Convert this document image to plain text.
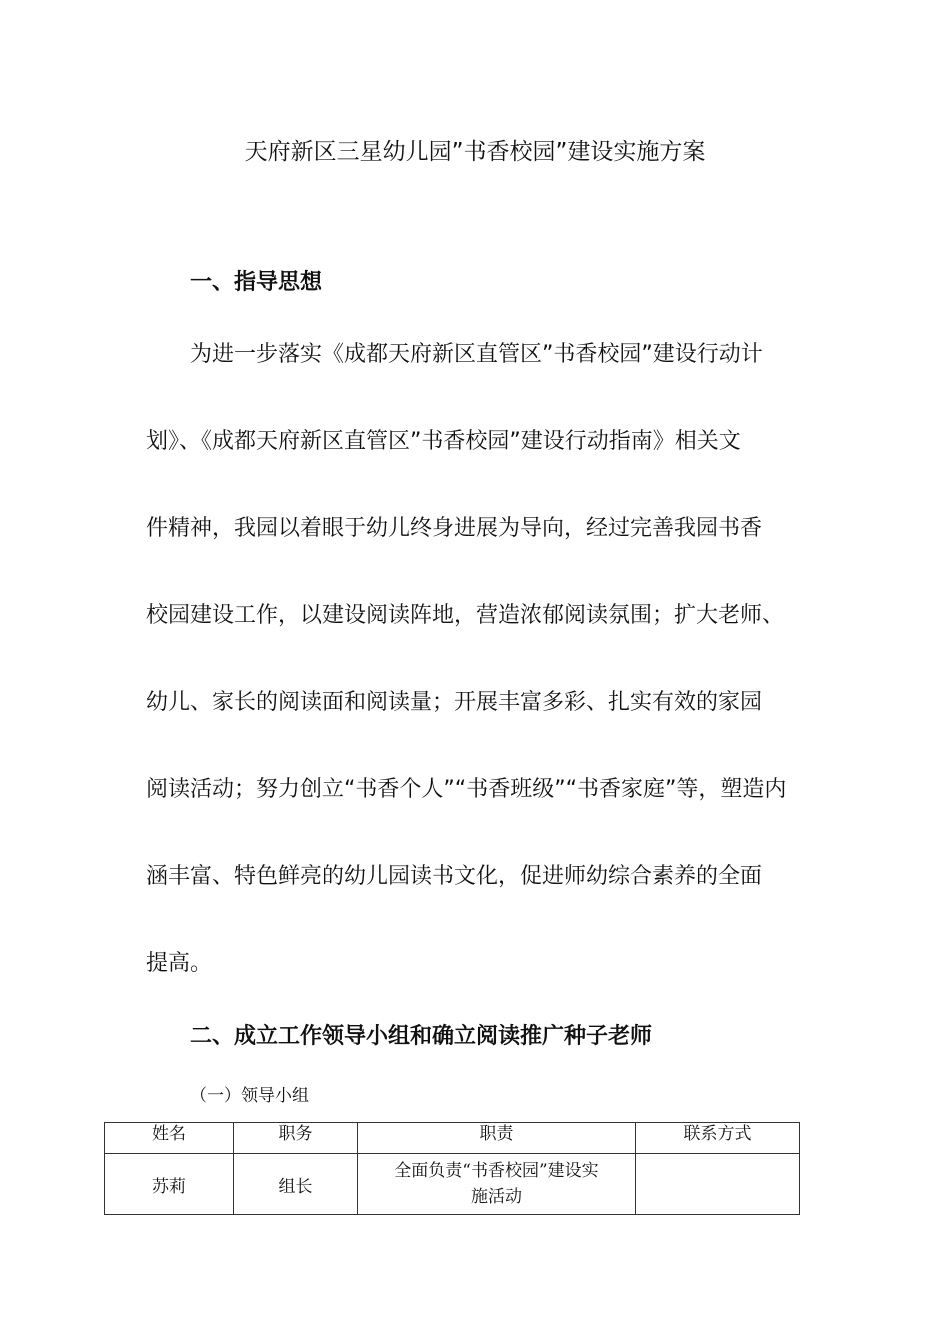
天府新区三星幼儿园”书香校园”建设实施方案
一、指导思想
为进一步落实《成都天府新区直管区”书香校园”建设行动计
划》、《成都天府新区直管区”书香校园”建设行动指南》相关文
件精神，我园以着眼于幼儿终身进展为导向，经过完善我园书香
校园建设工作，以建设阅读阵地，营造浓郁阅读氛围；扩大老师、
幼儿、家长的阅读面和阅读量；开展丰富多彩、扎实有效的家园
阅读活动；努力创立“书香个人”“书香班级”“书香家庭”等，塑造内
涵丰富、特色鲜亮的幼儿园读书文化，促进师幼综合素养的全面
提高。
二、成立工作领导小组和确立阅读推广种子老师
（一）领导小组
姓名	职务	职责	联系方式
苏莉	组长	全面负责“书香校园”建设实
施活动	
